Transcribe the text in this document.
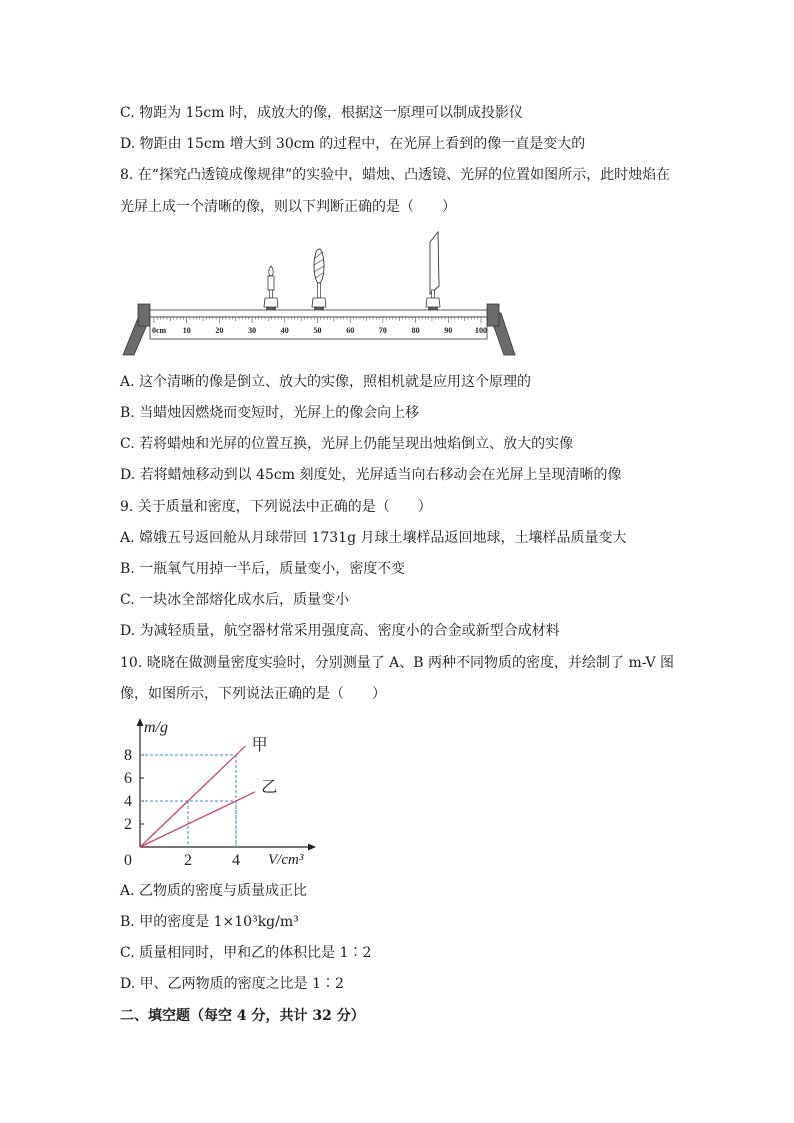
C. 物距为 15cm 时，成放大的像，根据这一原理可以制成投影仪
D. 物距由 15cm 增大到 30cm 的过程中，在光屏上看到的像一直是变大的
8. 在“探究凸透镜成像规律”的实验中，蜡烛、凸透镜、光屏的位置如图所示，此时烛焰在
光屏上成一个清晰的像，则以下判断正确的是（　　）
0cm 10	20	30	40	50	60	70	80	90	100
A. 这个清晰的像是倒立、放大的实像，照相机就是应用这个原理的
B. 当蜡烛因燃烧而变短时，光屏上的像会向上移
C. 若将蜡烛和光屏的位置互换，光屏上仍能呈现出烛焰倒立、放大的实像
D. 若将蜡烛移动到以 45cm 刻度处，光屏适当向右移动会在光屏上呈现清晰的像
9. 关于质量和密度，下列说法中正确的是（　　）
A. 嫦娥五号返回舱从月球带回 1731g 月球土壤样品返回地球，土壤样品质量变大
B. 一瓶氧气用掉一半后，质量变小，密度不变
C. 一块冰全部熔化成水后，质量变小
D. 为减轻质量，航空器材常采用强度高、密度小的合金或新型合成材料
10. 晓晓在做测量密度实验时，分别测量了 A、B 两种不同物质的密度，并绘制了 m-V 图
像，如图所示，下列说法正确的是（　　）
m/g
V/cm³
2
4
6
8
0	2	4
甲
乙
A. 乙物质的密度与质量成正比
B. 甲的密度是 1×10³kg/m³
C. 质量相同时，甲和乙的体积比是 1∶2
D. 甲、乙两物质的密度之比是 1∶2
二、填空题（每空 4 分，共计 32 分）
